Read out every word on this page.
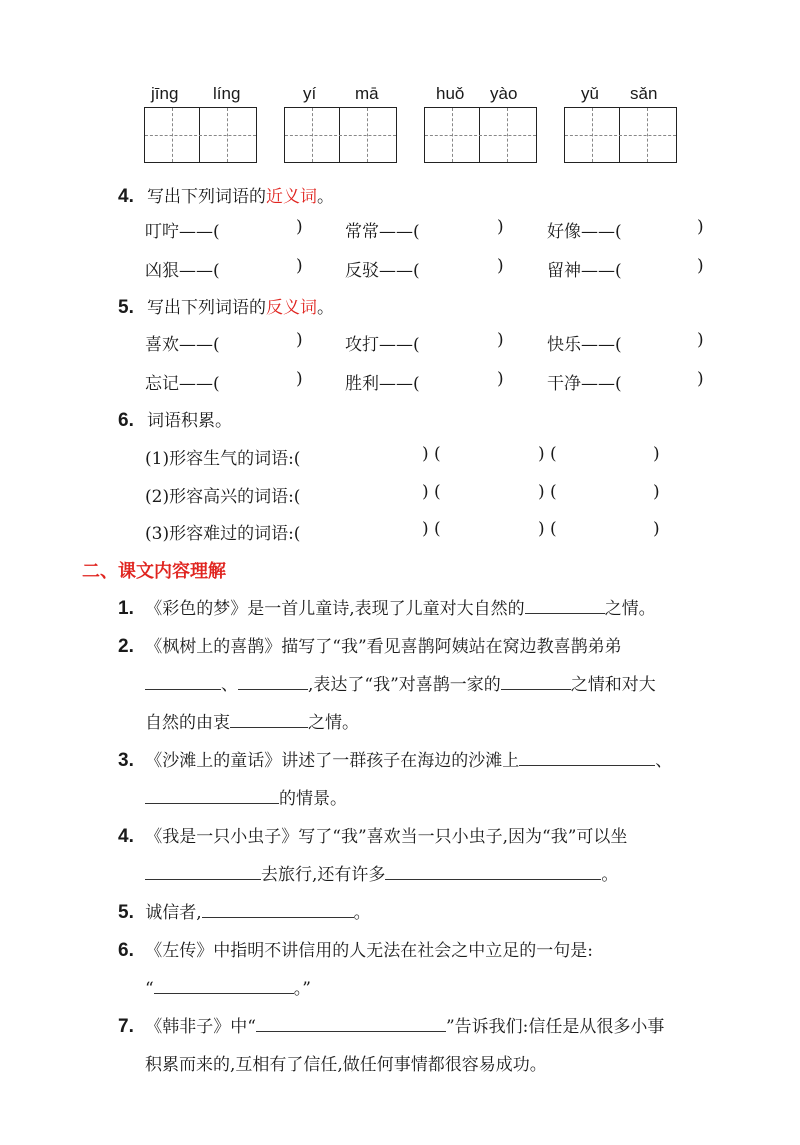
jīng líng	yí mā	huǒ yào	yǔ sǎn
4. 写出下列词语的近义词。
叮咛——(	) 常常——(	)	好像——(	)
凶狠——(	) 反驳——(	)	留神——(	)
5. 写出下列词语的反义词。
喜欢——(	) 攻打——(	)	快乐——(	)
忘记——(	) 胜利——(	)	干净——(	)
6. 词语积累。
(1)形容生气的词语:(	) (	) (	)
(2)形容高兴的词语:(	) (	) (	)
(3)形容难过的词语:(	) (	) (	)
二、课文内容理解
1. 《彩色的梦》是一首儿童诗,表现了儿童对大自然的	之情。
2. 《枫树上的喜鹊》描写了“我”看见喜鹊阿姨站在窝边教喜鹊弟弟
、	,表达了“我”对喜鹊一家的	之情和对大
自然的由衷	之情。
3. 《沙滩上的童话》讲述了一群孩子在海边的沙滩上	、
的情景。
4. 《我是一只小虫子》写了“我”喜欢当一只小虫子,因为“我”可以坐
去旅行,还有许多	。
5. 诚信者,	。
6. 《左传》中指明不讲信用的人无法在社会之中立足的一句是:
“	。”
7. 《韩非子》中“	”告诉我们:信任是从很多小事
积累而来的,互相有了信任,做任何事情都很容易成功。
